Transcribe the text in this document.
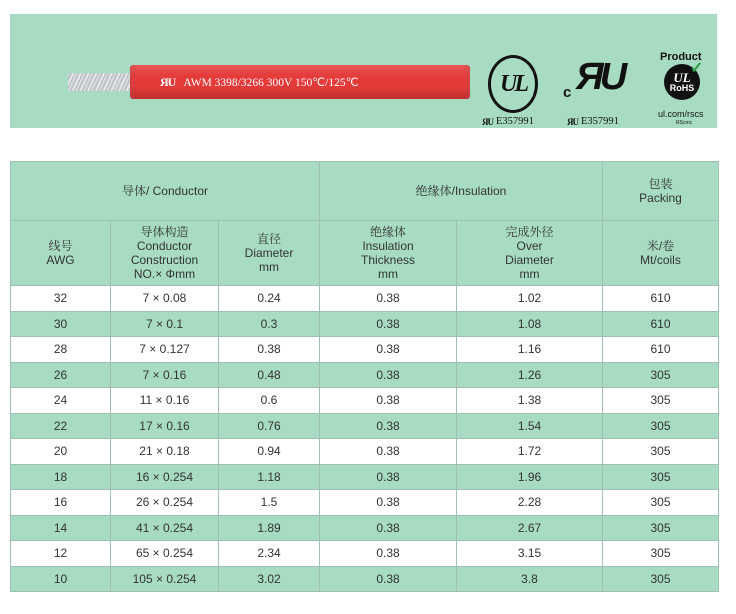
ЯU AWM 3398/3266 300V 150℃/125℃	UL
ЯU E357991
c ЯU
ЯU E357991
Product
UL
RoHS
✓
ul.com/rscs
RScmc
导体/ Conductor			绝缘体/Insulation		包装
Packing

线号
AWG	导体构造
Conductor
Construction
NO.× Φmm	直径
Diameter
mm	绝缘体
Insulation
Thickness
mm	完成外径
Over
Diameter
mm	米/卷
Mt/coils

32	7 × 0.08	0.24	0.38	1.02	610
30	7 × 0.1	0.3	0.38	1.08	610
28	7 × 0.127	0.38	0.38	1.16	610
26	7 × 0.16	0.48	0.38	1.26	305
24	11 × 0.16	0.6	0.38	1.38	305
22	17 × 0.16	0.76	0.38	1.54	305
20	21 × 0.18	0.94	0.38	1.72	305
18	16 × 0.254	1.18	0.38	1.96	305
16	26 × 0.254	1.5	0.38	2.28	305
14	41 × 0.254	1.89	0.38	2.67	305
12	65 × 0.254	2.34	0.38	3.15	305
10	105 × 0.254	3.02	0.38	3.8	305
